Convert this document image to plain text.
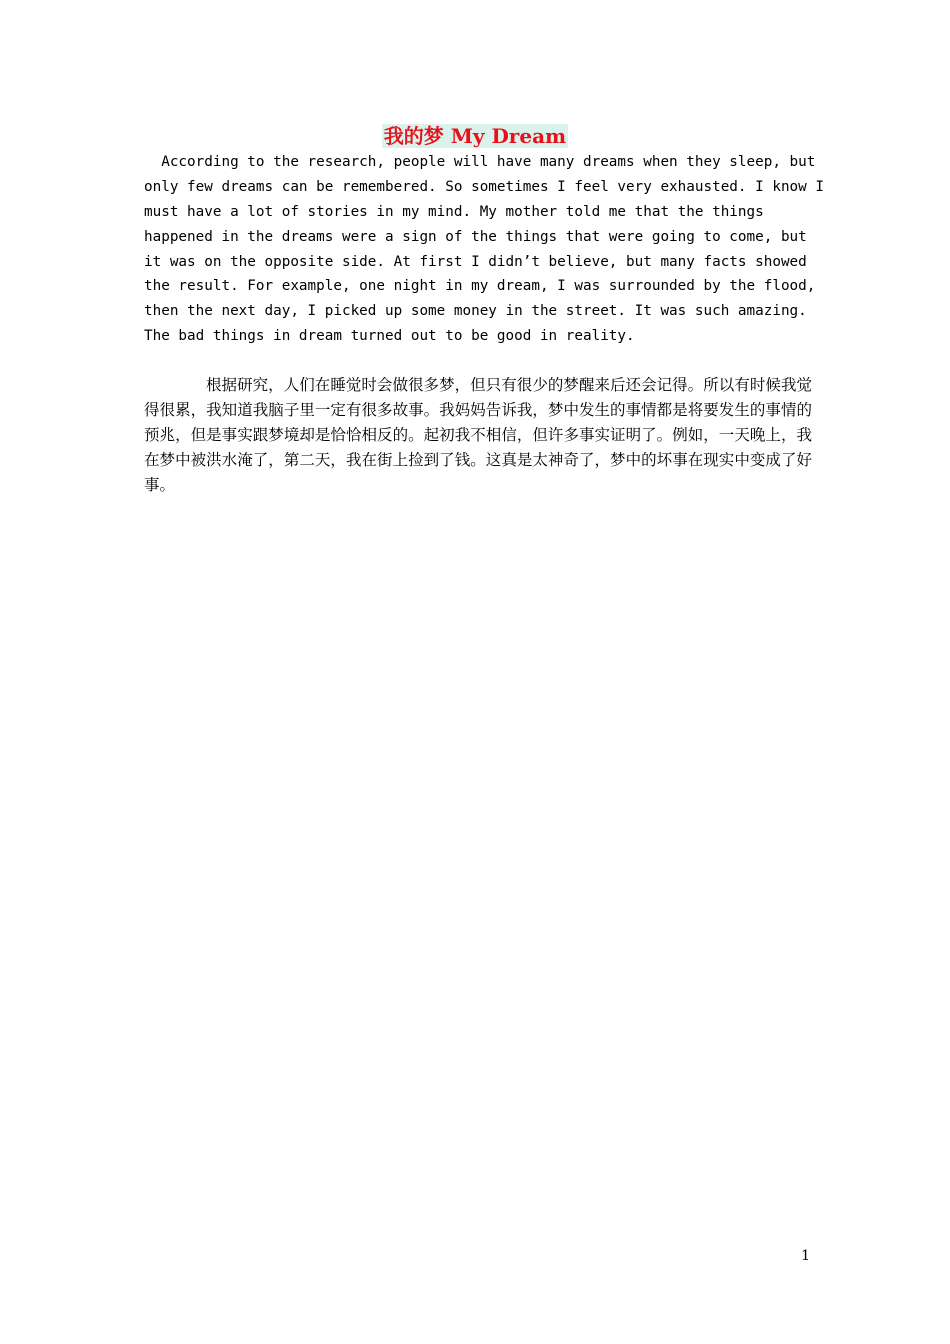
我的梦 My Dream
According to the research, people will have many dreams when they sleep, but
only few dreams can be remembered. So sometimes I feel very exhausted. I know I
must have a lot of stories in my mind. My mother told me that the things
happened in the dreams were a sign of the things that were going to come, but
it was on the opposite side. At first I didn’t believe, but many facts showed
the result. For example, one night in my dream, I was surrounded by the flood,
then the next day, I picked up some money in the street. It was such amazing.
The bad things in dream turned out to be good in reality.
根据研究，人们在睡觉时会做很多梦，但只有很少的梦醒来后还会记得。所以有时候我觉得很累，我知道我脑子里一定有很多故事。我妈妈告诉我，梦中发生的事情都是将要发生的事情的预兆，但是事实跟梦境却是恰恰相反的。起初我不相信，但许多事实证明了。例如，一天晚上，我在梦中被洪水淹了，第二天，我在街上捡到了钱。这真是太神奇了，梦中的坏事在现实中变成了好事。
1
